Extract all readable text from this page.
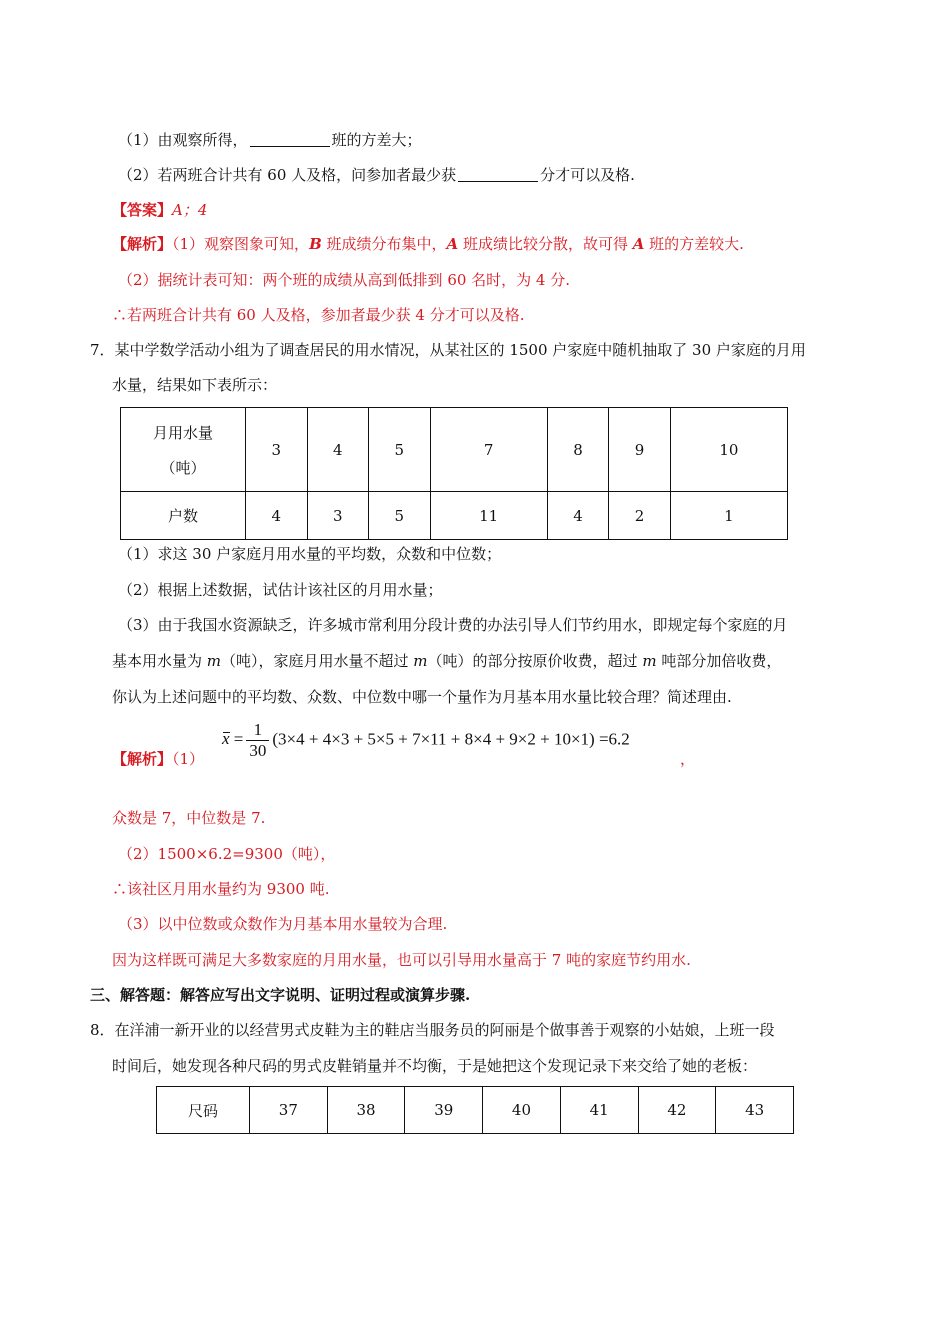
（1）由观察所得，	班的方差大；
（2）若两班合计共有 60 人及格，问参加者最少获	分才可以及格.
【答案】A；4
【解析】（1）观察图象可知，B 班成绩分布集中，A 班成绩比较分散，故可得 A 班的方差较大.
（2）据统计表可知：两个班的成绩从高到低排到 60 名时，为 4 分.
∴若两班合计共有 60 人及格，参加者最少获 4 分才可以及格.
7．某中学数学活动小组为了调查居民的用水情况，从某社区的 1500 户家庭中随机抽取了 30 户家庭的月用
水量，结果如下表所示：
月用水量
（吨）	3	4	5	7	8	9	10
户数	4	3	5	11	4	2	1
（1）求这 30 户家庭月用水量的平均数，众数和中位数；
（2）根据上述数据，试估计该社区的月用水量；
（3）由于我国水资源缺乏，许多城市常利用分段计费的办法引导人们节约用水，即规定每个家庭的月
基本用水量为 m（吨），家庭月用水量不超过 m（吨）的部分按原价收费，超过 m 吨部分加倍收费，
你认为上述问题中的平均数、众数、中位数中哪一个量作为月基本用水量比较合理？简述理由.
【解析】（1）
$x = \frac{1}{30} (3\times 4 + 4\times 3 + 5\times 5 + 7\times 11 + 8\times 4 + 9\times 2 + 10\times 1) =6.2$
，
众数是 7，中位数是 7.
（2）1500×6.2=9300（吨），
∴该社区月用水量约为 9300 吨.
（3）以中位数或众数作为月基本用水量较为合理.
因为这样既可满足大多数家庭的月用水量，也可以引导用水量高于 7 吨的家庭节约用水.
三、解答题：解答应写出文字说明、证明过程或演算步骤.
8．在洋浦一新开业的以经营男式皮鞋为主的鞋店当服务员的阿丽是个做事善于观察的小姑娘，上班一段
时间后，她发现各种尺码的男式皮鞋销量并不均衡，于是她把这个发现记录下来交给了她的老板：
尺码	37	38	39	40	41	42	43
